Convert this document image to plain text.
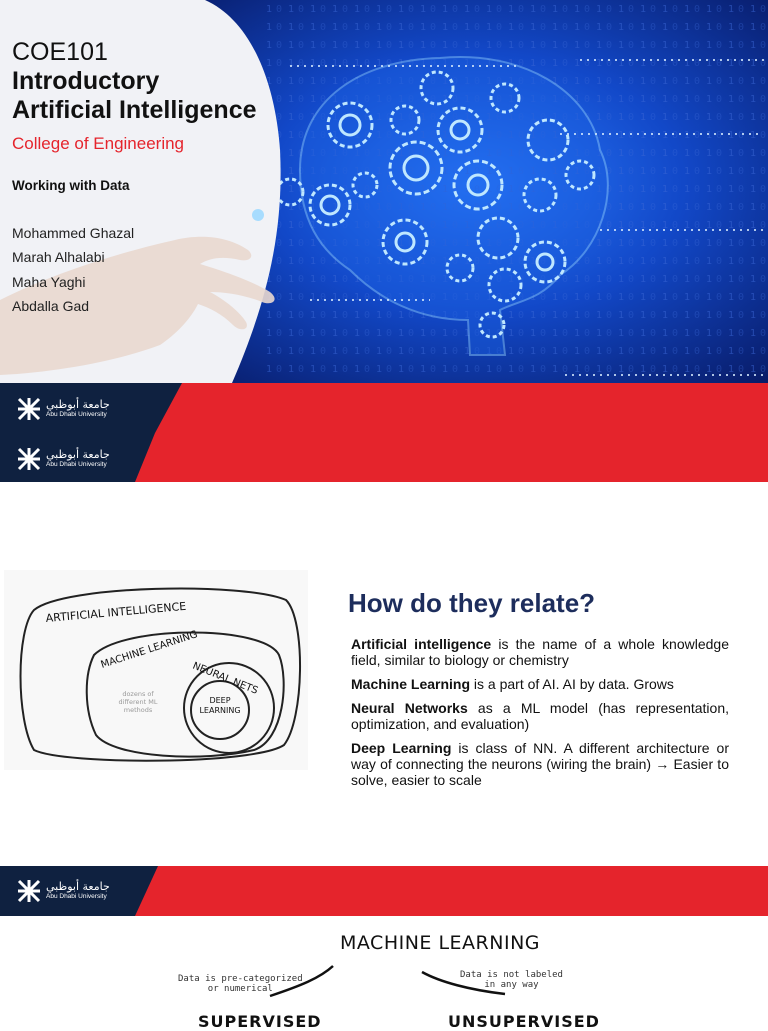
COE101
Introductory
Artificial Intelligence
College of Engineering
Working with Data
Mohammed Ghazal
Marah Alhalabi
Maha Yaghi
Abdalla Gad
جامعة أبوظبي
Abu Dhabi University
جامعة أبوظبي
Abu Dhabi University
ARTIFICIAL INTELLIGENCE
MACHINE LEARNING
NEURAL NETS
DEEP
LEARNING
dozens of
different ML
methods
How do they relate?

Artificial intelligence is the name of a whole knowledge field, similar to biology or chemistry

Machine Learning is a part of AI. AI by data. Grows

Neural Networks as a ML model (has representation, optimization, and evaluation)

Deep Learning is class of NN. A different architecture or way of connecting the neurons (wiring the brain) → Easier to solve, easier to scale

جامعة أبوظبي
Abu Dhabi University
MACHINE LEARNING
Data is pre-categorized
or numerical
Data is not labeled
in any way
SUPERVISED	UNSUPERVISED
